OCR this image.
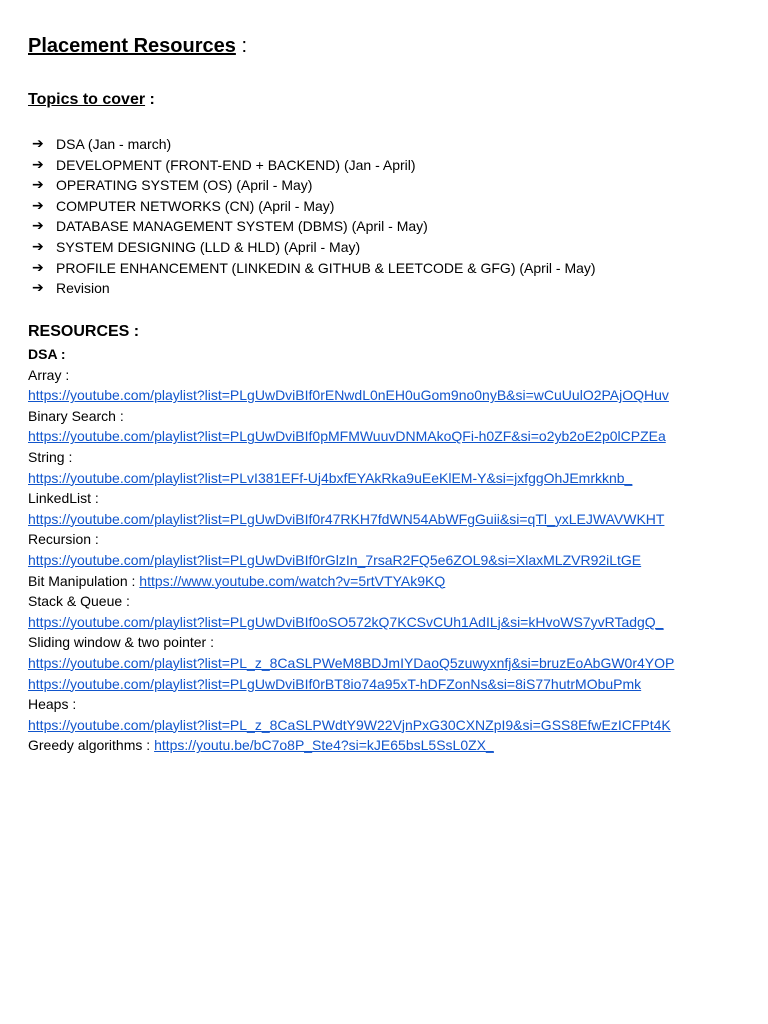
Placement Resources :
Topics to cover :
➔ DSA (Jan - march)
➔ DEVELOPMENT (FRONT-END + BACKEND) (Jan - April)
➔ OPERATING SYSTEM (OS) (April - May)
➔ COMPUTER NETWORKS (CN) (April - May)
➔ DATABASE MANAGEMENT SYSTEM (DBMS) (April - May)
➔ SYSTEM DESIGNING (LLD & HLD) (April - May)
➔ PROFILE ENHANCEMENT (LINKEDIN & GITHUB & LEETCODE & GFG) (April - May)
➔ Revision
RESOURCES :
DSA :
Array :
https://youtube.com/playlist?list=PLgUwDviBIf0rENwdL0nEH0uGom9no0nyB&si=wCuUulO2PAjOQHuv
Binary Search :
https://youtube.com/playlist?list=PLgUwDviBIf0pMFMWuuvDNMAkoQFi-h0ZF&si=o2yb2oE2p0lCPZEa
String :
https://youtube.com/playlist?list=PLvI381EFf-Uj4bxfEYAkRka9uEeKlEM-Y&si=jxfggOhJEmrkknb_
LinkedList :
https://youtube.com/playlist?list=PLgUwDviBIf0r47RKH7fdWN54AbWFgGuii&si=qTl_yxLEJWAVWKHT
Recursion :
https://youtube.com/playlist?list=PLgUwDviBIf0rGlzIn_7rsaR2FQ5e6ZOL9&si=XlaxMLZVR92iLtGE
Bit Manipulation : https://www.youtube.com/watch?v=5rtVTYAk9KQ
Stack & Queue :
https://youtube.com/playlist?list=PLgUwDviBIf0oSO572kQ7KCSvCUh1AdILj&si=kHvoWS7yvRTadgQ_
Sliding window & two pointer :
https://youtube.com/playlist?list=PL_z_8CaSLPWeM8BDJmIYDaoQ5zuwyxnfj&si=bruzEoAbGW0r4YOP
https://youtube.com/playlist?list=PLgUwDviBIf0rBT8io74a95xT-hDFZonNs&si=8iS77hutrMObuPmk
Heaps :
https://youtube.com/playlist?list=PL_z_8CaSLPWdtY9W22VjnPxG30CXNZpI9&si=GSS8EfwEzICFPt4K
Greedy algorithms : https://youtu.be/bC7o8P_Ste4?si=kJE65bsL5SsL0ZX_
